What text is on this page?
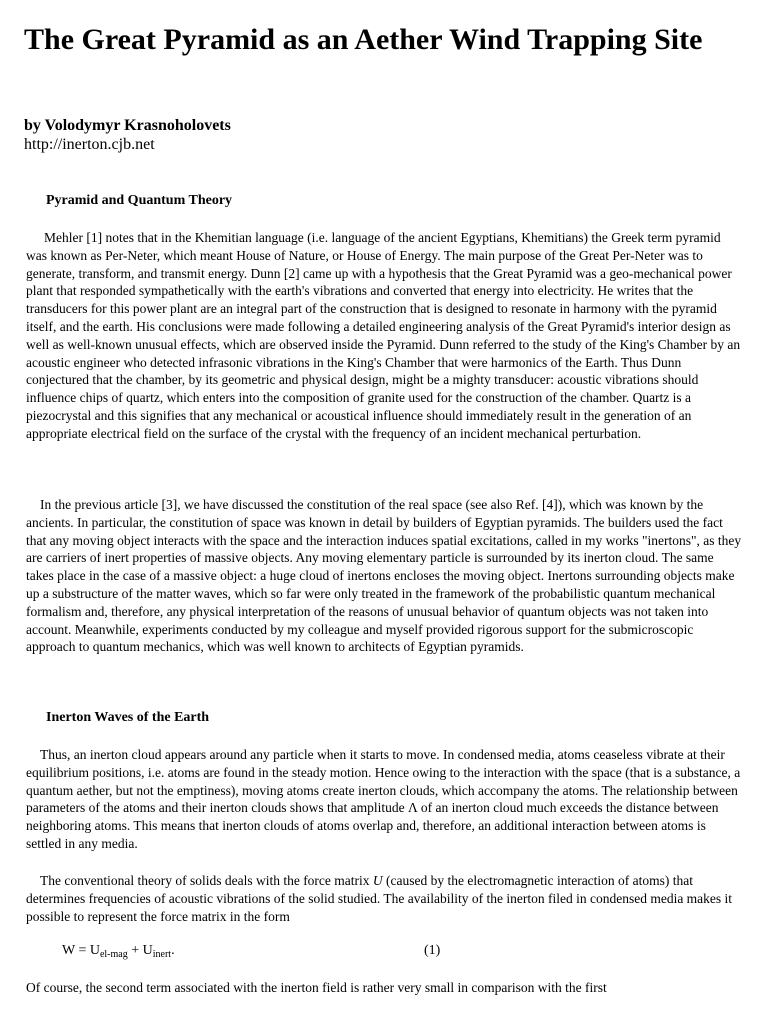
The Great Pyramid as an Aether Wind Trapping Site

by Volodymyr Krasnoholovets

http://inerton.cjb.net

Pyramid and Quantum Theory

Mehler [1] notes that in the Khemitian language (i.e. language of the ancient Egyptians, Khemitians) the Greek term pyramid was known as Per-Neter, which meant House of Nature, or House of Energy. The main purpose of the Great Per-Neter was to generate, transform, and transmit energy. Dunn [2] came up with a hypothesis that the Great Pyramid was a geo-mechanical power plant that responded sympathetically with the earth's vibrations and converted that energy into electricity. He writes that the transducers for this power plant are an integral part of the construction that is designed to resonate in harmony with the pyramid itself, and the earth. His conclusions were made following a detailed engineering analysis of the Great Pyramid's interior design as well as well-known unusual effects, which are observed inside the Pyramid. Dunn referred to the study of the King's Chamber by an acoustic engineer who detected infrasonic vibrations in the King's Chamber that were harmonics of the Earth. Thus Dunn conjectured that the chamber, by its geometric and physical design, might be a mighty transducer: acoustic vibrations should influence chips of quartz, which enters into the composition of granite used for the construction of the chamber. Quartz is a piezocrystal and this signifies that any mechanical or acoustical influence should immediately result in the generation of an appropriate electrical field on the surface of the crystal with the frequency of an incident mechanical perturbation.

In the previous article [3], we have discussed the constitution of the real space (see also Ref. [4]), which was known by the ancients. In particular, the constitution of space was known in detail by builders of Egyptian pyramids. The builders used the fact that any moving object interacts with the space and the interaction induces spatial excitations, called in my works "inertons", as they are carriers of inert properties of massive objects. Any moving elementary particle is surrounded by its inerton cloud. The same takes place in the case of a massive object: a huge cloud of inertons encloses the moving object. Inertons surrounding objects make up a substructure of the matter waves, which so far were only treated in the framework of the probabilistic quantum mechanical formalism and, therefore, any physical interpretation of the reasons of unusual behavior of quantum objects was not taken into account. Meanwhile, experiments conducted by my colleague and myself provided rigorous support for the submicroscopic approach to quantum mechanics, which was well known to architects of Egyptian pyramids.

Inerton Waves of the Earth

Thus, an inerton cloud appears around any particle when it starts to move. In condensed media, atoms ceaseless vibrate at their equilibrium positions, i.e. atoms are found in the steady motion. Hence owing to the interaction with the space (that is a substance, a quantum aether, but not the emptiness), moving atoms create inerton clouds, which accompany the atoms. The relationship between parameters of the atoms and their inerton clouds shows that amplitude Λ of an inerton cloud much exceeds the distance between neighboring atoms. This means that inerton clouds of atoms overlap and, therefore, an additional interaction between atoms is settled in any media.

The conventional theory of solids deals with the force matrix U (caused by the electromagnetic interaction of atoms) that determines frequencies of acoustic vibrations of the solid studied. The availability of the inerton filed in condensed media makes it possible to represent the force matrix in the form

$W = U_{el-mag} + U_{inert}$.	(1)

Of course, the second term associated with the inerton field is rather very small in comparison with the first
